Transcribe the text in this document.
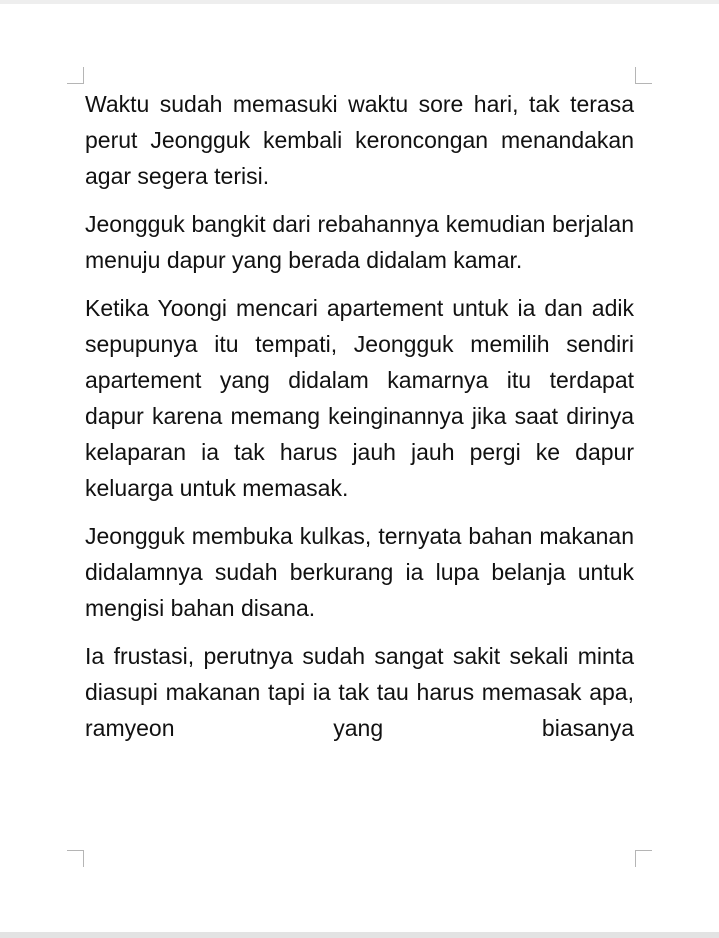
Waktu sudah memasuki waktu sore hari, tak terasa perut Jeongguk kembali keroncongan menandakan agar segera terisi.

Jeongguk bangkit dari rebahannya kemudian berjalan menuju dapur yang berada didalam kamar.

Ketika Yoongi mencari apartement untuk ia dan adik sepupunya itu tempati, Jeongguk memilih sendiri apartement yang didalam kamarnya itu terdapat dapur karena memang keinginannya jika saat dirinya kelaparan ia tak harus jauh jauh pergi ke dapur keluarga untuk memasak.

Jeongguk membuka kulkas, ternyata bahan makanan didalamnya sudah berkurang ia lupa belanja untuk mengisi bahan disana.

Ia frustasi, perutnya sudah sangat sakit sekali minta diasupi makanan tapi ia tak tau harus memasak apa, ramyeon yang biasanya
